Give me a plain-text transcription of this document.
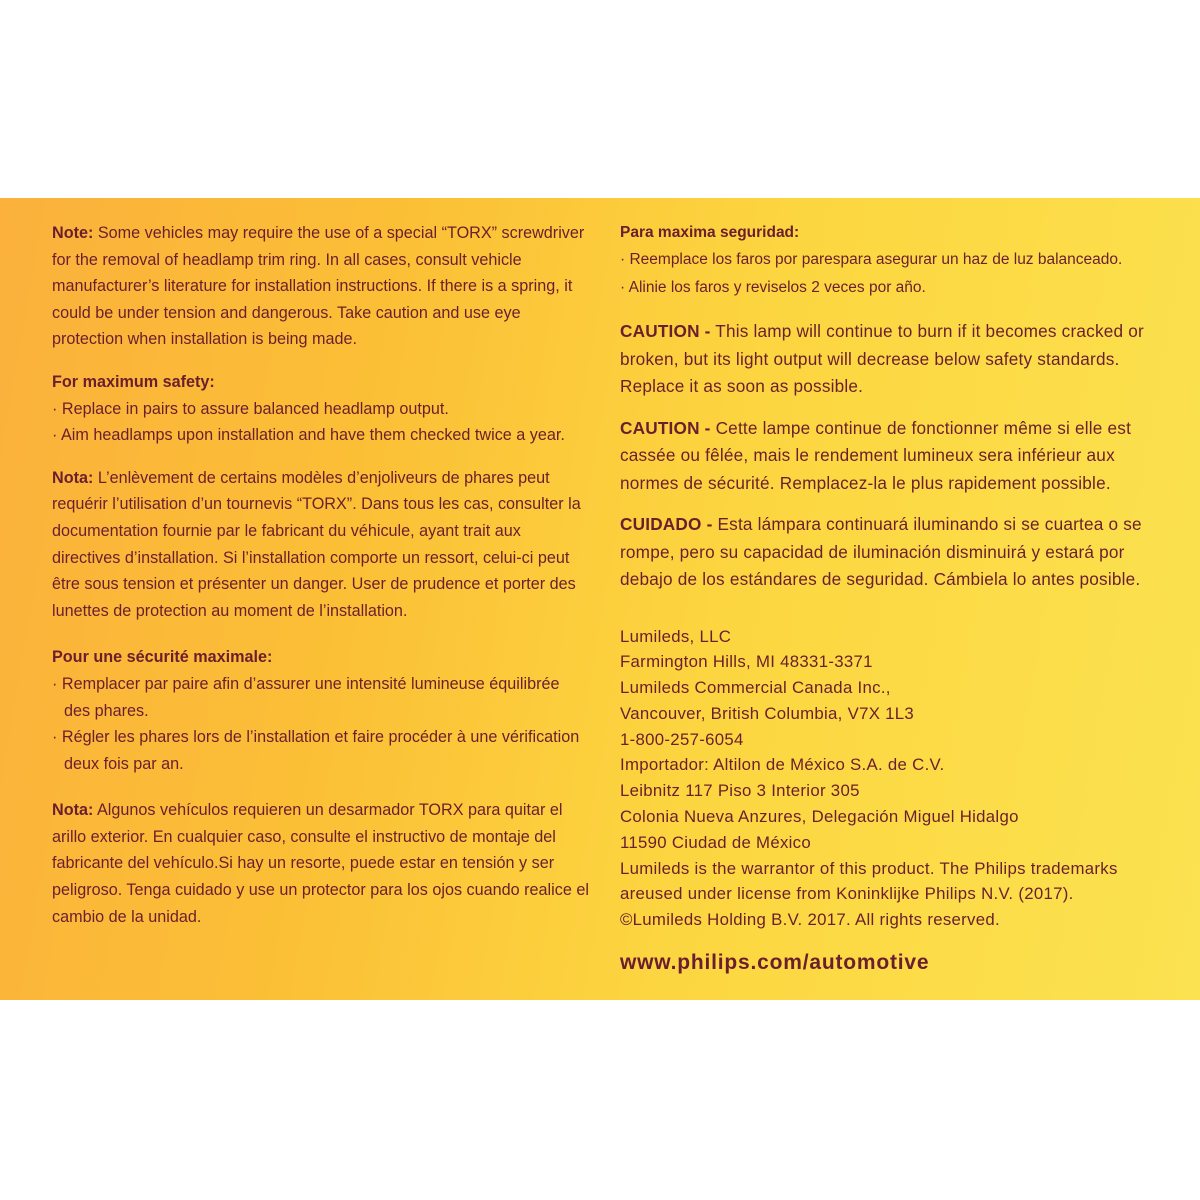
Note: Some vehicles may require the use of a special “TORX” screwdriver

for the removal of headlamp trim ring. In all cases, consult vehicle

manufacturer’s literature for installation instructions. If there is a spring, it

could be under tension and dangerous. Take caution and use eye

protection when installation is being made.

For maximum safety:
· Replace in pairs to assure balanced headlamp output.
· Aim headlamps upon installation and have them checked twice a year.

Nota: L’enlèvement de certains modèles d’enjoliveurs de phares peut

requérir l’utilisation d’un tournevis “TORX”. Dans tous les cas, consulter la

documentation fournie par le fabricant du véhicule, ayant trait aux

directives d’installation. Si l’installation comporte un ressort, celui-ci peut

être sous tension et présenter un danger. User de prudence et porter des

lunettes de protection au moment de l’installation.

Pour une sécurité maximale:
· Remplacer par paire afin d’assurer une intensité lumineuse équilibrée
des phares.
· Régler les phares lors de l’installation et faire procéder à une vérification
deux fois par an.

Nota: Algunos vehículos requieren un desarmador TORX para quitar el

arillo exterior. En cualquier caso, consulte el instructivo de montaje del

fabricante del vehículo.Si hay un resorte, puede estar en tensión y ser

peligroso. Tenga cuidado y use un protector para los ojos cuando realice el

cambio de la unidad.

Para maxima seguridad:

· Reemplace los faros por parespara asegurar un haz de luz balanceado.

· Alinie los faros y reviselos 2 veces por año.

CAUTION - This lamp will continue to burn if it becomes cracked or
broken, but its light output will decrease below safety standards.
Replace it as soon as possible.

CAUTION - Cette lampe continue de fonctionner même si elle est
cassée ou fêlée, mais le rendement lumineux sera inférieur aux
normes de sécurité. Remplacez-la le plus rapidement possible.

CUIDADO - Esta lámpara continuará iluminando si se cuartea o se
rompe, pero su capacidad de iluminación disminuirá y estará por
debajo de los estándares de seguridad. Cámbiela lo antes posible.

Lumileds, LLC
Farmington Hills, MI 48331-3371
Lumileds Commercial Canada Inc.,
Vancouver, British Columbia, V7X 1L3
1-800-257-6054
Importador: Altilon de México S.A. de C.V.
Leibnitz 117 Piso 3 Interior 305
Colonia Nueva Anzures, Delegación Miguel Hidalgo
11590 Ciudad de México
Lumileds is the warrantor of this product. The Philips trademarks
areused under license from Koninklijke Philips N.V. (2017).
©Lumileds Holding B.V. 2017. All rights reserved.
www.philips.com/automotive
